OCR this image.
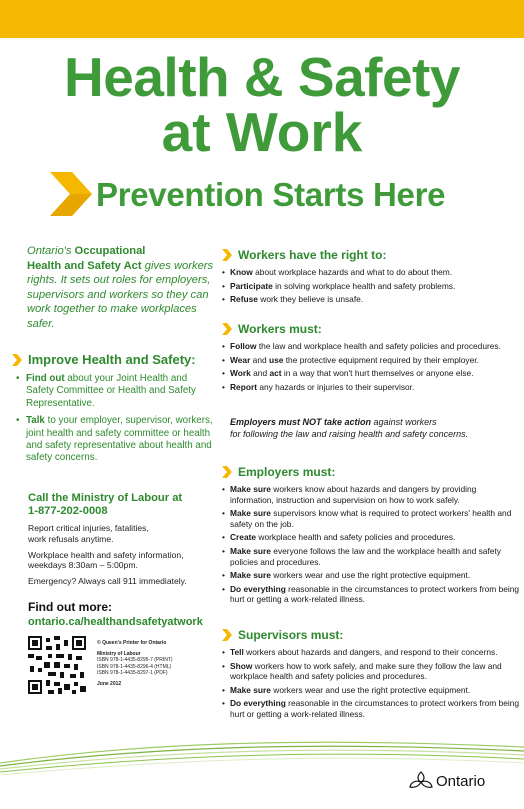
Health & Safety
at Work
Prevention Starts Here

Ontario's Occupational
Health and Safety Act gives workers rights. It sets out roles for employers, supervisors and workers so they can work together to make workplaces safer.

Improve Health and Safety:
• Find out about your Joint Health and Safety Committee or Health and Safety Representative.
• Talk to your employer, supervisor, workers, joint health and safety committee or health and safety representative about health and safety concerns.
Call the Ministry of Labour at
1-877-202-0008

Report critical injuries, fatalities,
work refusals anytime.

Workplace health and safety information,
weekdays 8:30am – 5:00pm.

Emergency? Always call 911 immediately.

Find out more:
ontario.ca/healthandsafetyatwork
© Queen's Printer for Ontario
Ministry of Labour
ISBN 978-1-4435-8295-7 (PRINT)
ISBN 978-1-4435-8296-4 (HTML)
ISBN 978-1-4435-8297-1 (PDF)
June 2012
Workers have the right to:
• Know about workplace hazards and what to do about them.
• Participate in solving workplace health and safety problems.
• Refuse work they believe is unsafe.
Workers must:
• Follow the law and workplace health and safety policies and procedures.
• Wear and use the protective equipment required by their employer.
• Work and act in a way that won't hurt themselves or anyone else.
• Report any hazards or injuries to their supervisor.

Employers must NOT take action against workers
for following the law and raising health and safety concerns.

Employers must:
• Make sure workers know about hazards and dangers by providing information, instruction and supervision on how to work safely.
• Make sure supervisors know what is required to protect workers' health and safety on the job.
• Create workplace health and safety policies and procedures.
• Make sure everyone follows the law and the workplace health and safety policies and procedures.
• Make sure workers wear and use the right protective equipment.
• Do everything reasonable in the circumstances to protect workers from being hurt or getting a work-related illness.
Supervisors must:
• Tell workers about hazards and dangers, and respond to their concerns.
• Show workers how to work safely, and make sure they follow the law and workplace health and safety policies and procedures.
• Make sure workers wear and use the right protective equipment.
• Do everything reasonable in the circumstances to protect workers from being hurt or getting a work-related illness.
Ontario
